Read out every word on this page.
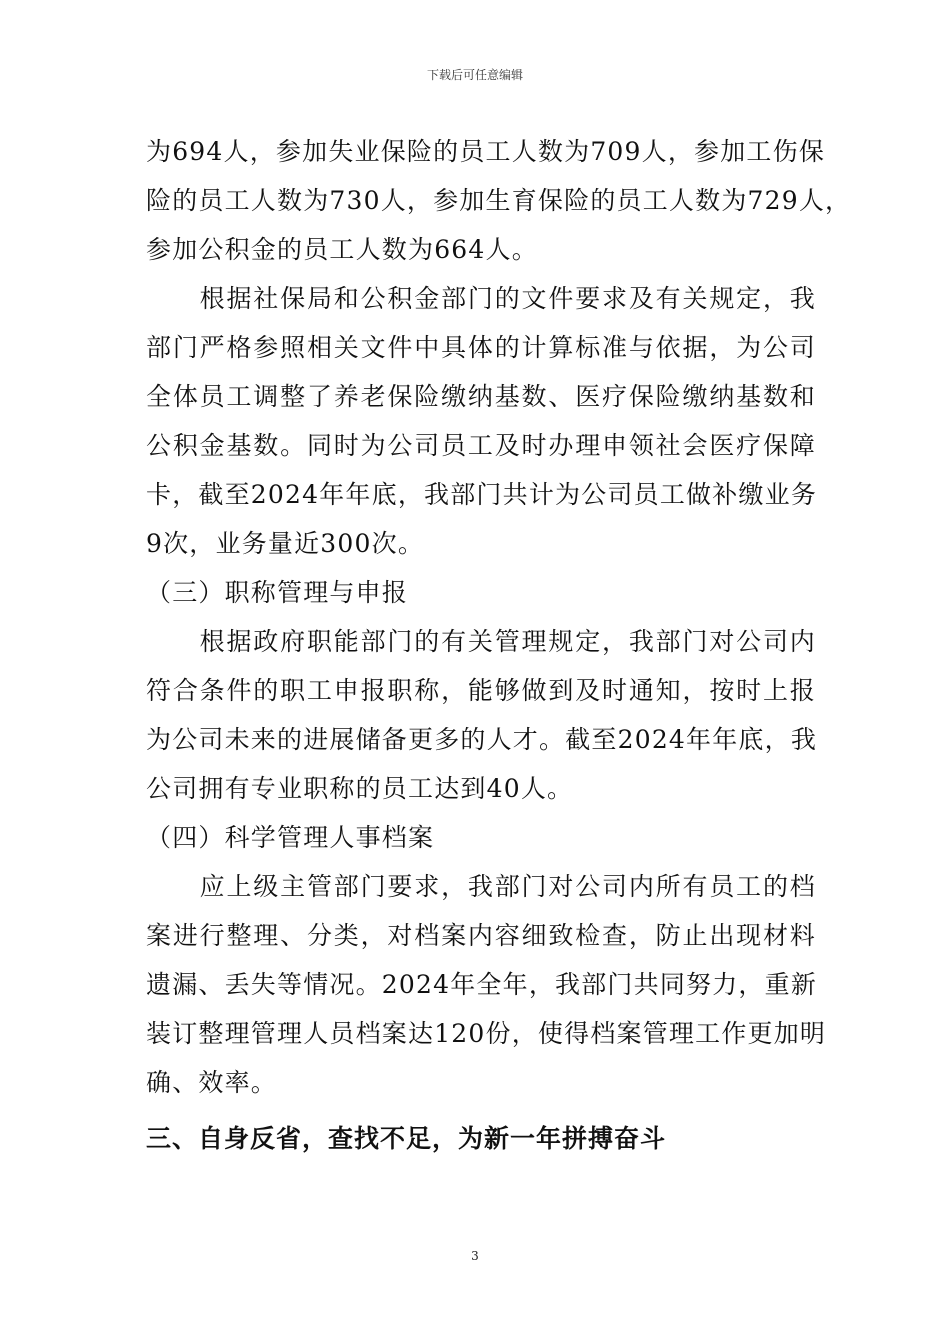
下载后可任意编辑
为694人，参加失业保险的员工人数为709人，参加工伤保
险的员工人数为730人，参加生育保险的员工人数为729人，
参加公积金的员工人数为664人。
　　根据社保局和公积金部门的文件要求及有关规定，我
部门严格参照相关文件中具体的计算标准与依据，为公司
全体员工调整了养老保险缴纳基数、医疗保险缴纳基数和
公积金基数。同时为公司员工及时办理申领社会医疗保障
卡，截至2024年年底，我部门共计为公司员工做补缴业务
9次，业务量近300次。
（三）职称管理与申报
　　根据政府职能部门的有关管理规定，我部门对公司内
符合条件的职工申报职称，能够做到及时通知，按时上报
为公司未来的进展储备更多的人才。截至2024年年底，我
公司拥有专业职称的员工达到40人。
（四）科学管理人事档案
　　应上级主管部门要求，我部门对公司内所有员工的档
案进行整理、分类，对档案内容细致检查，防止出现材料
遗漏、丢失等情况。2024年全年，我部门共同努力，重新
装订整理管理人员档案达120份，使得档案管理工作更加明
确、效率。
三、自身反省，查找不足，为新一年拼搏奋斗
3
